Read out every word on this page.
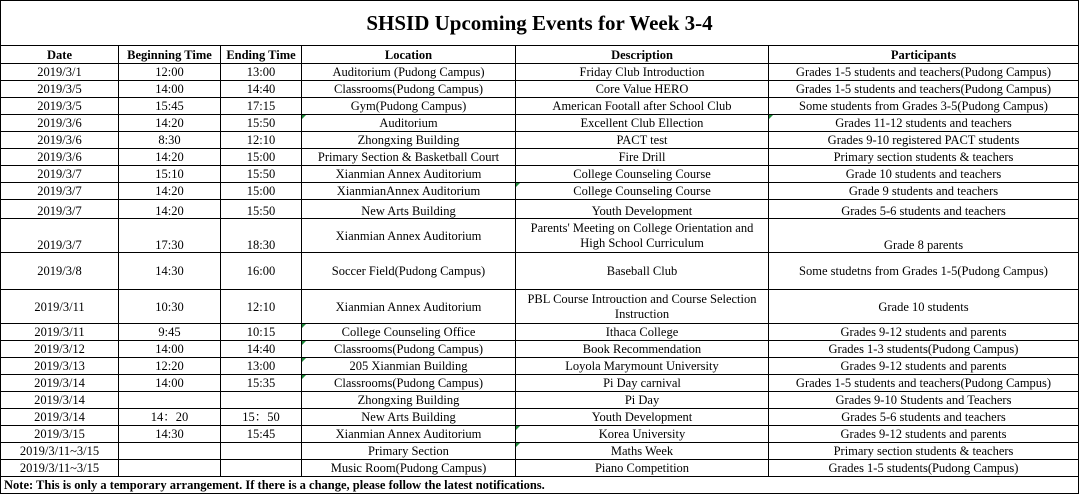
SHSID Upcoming Events for Week 3-4
Date	Beginning Time	Ending Time	Location	Description	Participants
2019/3/1	12:00	13:00	Auditorium (Pudong Campus)	Friday Club Introduction	Grades 1-5 students and teachers(Pudong Campus)
2019/3/5	14:00	14:40	Classrooms(Pudong Campus)	Core Value HERO	Grades 1-5 students and teachers(Pudong Campus)
2019/3/5	15:45	17:15	Gym(Pudong Campus)	American Footall after School Club	Some students from Grades 3-5(Pudong Campus)
2019/3/6	14:20	15:50	Auditorium	Excellent Club Ellection	Grades 11-12 students and teachers
2019/3/6	8:30	12:10	Zhongxing Building	PACT test	Grades 9-10 registered PACT students
2019/3/6	14:20	15:00	Primary Section & Basketball Court	Fire Drill	Primary section students & teachers
2019/3/7	15:10	15:50	Xianmian Annex Auditorium	College Counseling Course	Grade 10 students and teachers
2019/3/7	14:20	15:00	XianmianAnnex Auditorium	College Counseling Course	Grade 9 students and teachers
2019/3/7	14:20	15:50	New Arts Building	Youth Development	Grades 5-6 students and teachers
2019/3/7	17:30	18:30	Xianmian Annex Auditorium	Parents' Meeting on College Orientation and High School Curriculum	Grade 8 parents
2019/3/8	14:30	16:00	Soccer Field(Pudong Campus)	Baseball Club	Some studetns from Grades 1-5(Pudong Campus)
2019/3/11	10:30	12:10	Xianmian Annex Auditorium	PBL Course Introuction and Course Selection Instruction	Grade 10 students
2019/3/11	9:45	10:15	College Counseling Office	Ithaca College	Grades 9-12 students and parents
2019/3/12	14:00	14:40	Classrooms(Pudong Campus)	Book Recommendation	Grades 1-3 students(Pudong Campus)
2019/3/13	12:20	13:00	205 Xianmian Building	Loyola Marymount University	Grades 9-12 students and parents
2019/3/14	14:00	15:35	Classrooms(Pudong Campus)	Pi Day carnival	Grades 1-5 students and teachers(Pudong Campus)
2019/3/14			Zhongxing Building	Pi Day	Grades 9-10 Students and Teachers
2019/3/14	14：20	15：50	New Arts Building	Youth Development	Grades 5-6 students and teachers
2019/3/15	14:30	15:45	Xianmian Annex Auditorium	Korea University	Grades 9-12 students and parents
2019/3/11~3/15			Primary Section	Maths Week	Primary section students & teachers
2019/3/11~3/15			Music Room(Pudong Campus)	Piano Competition	Grades 1-5 students(Pudong Campus)
Note: This is only a temporary arrangement. If there is a change, please follow the latest notifications.					
